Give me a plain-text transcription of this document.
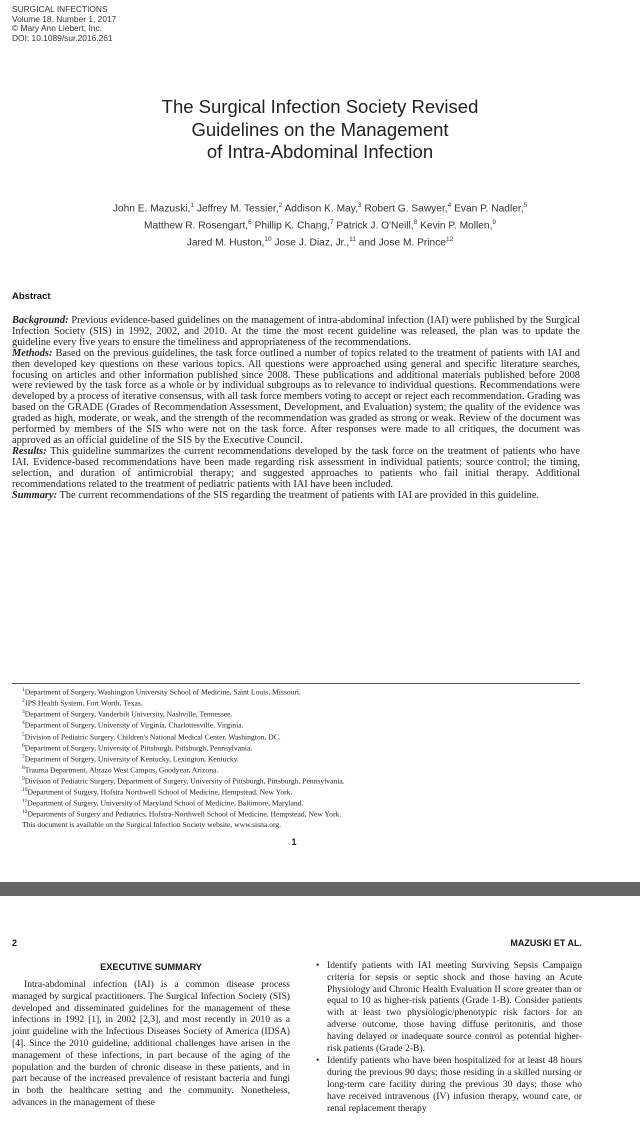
SURGICAL INFECTIONS
Volume 18, Number 1, 2017
© Mary Ann Liebert, Inc.
DOI: 10.1089/sur.2016.261
The Surgical Infection Society Revised
Guidelines on the Management
of Intra-Abdominal Infection
John E. Mazuski,$^1$ Jeffrey M. Tessier,$^2$ Addison K. May,$^3$ Robert G. Sawyer,$^4$ Evan P. Nadler,$^5$
Matthew R. Rosengart,$^6$ Phillip K. Chang,$^7$ Patrick J. O'Neill,$^8$ Kevin P. Mollen,$^9$
Jared M. Huston,$^{10}$ Jose J. Diaz, Jr.,$^{11}$ and Jose M. Prince$^{12}$
Abstract

Background: Previous evidence-based guidelines on the management of intra-abdominal infection (IAI) were published by the Surgical Infection Society (SIS) in 1992, 2002, and 2010. At the time the most recent guideline was released, the plan was to update the guideline every five years to ensure the timeliness and appropriateness of the recommendations.

Methods: Based on the previous guidelines, the task force outlined a number of topics related to the treatment of patients with IAI and then developed key questions on these various topics. All questions were approached using general and specific literature searches, focusing on articles and other information published since 2008. These publications and additional materials published before 2008 were reviewed by the task force as a whole or by individual subgroups as to relevance to individual questions. Recommendations were developed by a process of iterative consensus, with all task force members voting to accept or reject each recommendation. Grading was based on the GRADE (Grades of Recommendation Assessment, Development, and Evaluation) system; the quality of the evidence was graded as high, moderate, or weak, and the strength of the recommendation was graded as strong or weak. Review of the document was performed by members of the SIS who were not on the task force. After responses were made to all critiques, the document was approved as an official guideline of the SIS by the Executive Council.

Results: This guideline summarizes the current recommendations developed by the task force on the treatment of patients who have IAI. Evidence-based recommendations have been made regarding risk assessment in individual patients; source control; the timing, selection, and duration of antimicrobial therapy; and suggested approaches to patients who fail initial therapy. Additional recommendations related to the treatment of pediatric patients with IAI have been included.

Summary: The current recommendations of the SIS regarding the treatment of patients with IAI are provided in this guideline.

$^1$Department of Surgery, Washington University School of Medicine, Saint Louis, Missouri.
$^2$JPS Health System, Fort Worth, Texas.
$^3$Department of Surgery, Vanderbilt University, Nashville, Tennessee.
$^4$Department of Surgery, University of Virginia, Charlottesville, Virginia.
$^5$Division of Pediatric Surgery, Children's National Medical Center, Washington, DC.
$^6$Department of Surgery, University of Pittsburgh, Pittsburgh, Pennsylvania.
$^7$Department of Surgery, University of Kentucky, Lexington, Kentucky.
$^8$Trauma Department, Abrazo West Campus, Goodyear, Arizona.
$^9$Division of Pediatric Surgery, Department of Surgery, University of Pittsburgh, Pittsburgh, Pennsylvania.
$^{10}$Department of Surgery, Hofstra Northwell School of Medicine, Hempstead, New York.
$^{11}$Department of Surgery, University of Maryland School of Medicine, Baltimore, Maryland.
$^{12}$Departments of Surgery and Pediatrics, Hofstra-Northwell School of Medicine, Hempstead, New York.
This document is available on the Surgical Infection Society website, www.sisna.org.
1
2	MAZUSKI ET AL.
EXECUTIVE SUMMARY

Intra-abdominal infection (IAI) is a common disease process managed by surgical practitioners. The Surgical Infection Society (SIS) developed and disseminated guidelines for the management of these infections in 1992 [1], in 2002 [2,3], and most recently in 2010 as a joint guideline with the Infectious Diseases Society of America (IDSA) [4]. Since the 2010 guideline, additional challenges have arisen in the management of these infections, in part because of the aging of the population and the burden of chronic disease in these patients, and in part because of the increased prevalence of resistant bacteria and fungi in both the healthcare setting and the community. Nonetheless, advances in the management of these

• Identify patients with IAI meeting Surviving Sepsis Campaign criteria for sepsis or septic shock and those having an Acute Physiology and Chronic Health Evaluation II score greater than or equal to 10 as higher-risk patients (Grade 1-B). Consider patients with at least two physiologic/phenotypic risk factors for an adverse outcome, those having diffuse peritonitis, and those having delayed or inadequate source control as potential higher-risk patients (Grade 2-B).
• Identify patients who have been hospitalized for at least 48 hours during the previous 90 days; those residing in a skilled nursing or long-term care facility during the previous 30 days; those who have received intravenous (IV) infusion therapy, wound care, or renal replacement therapy
